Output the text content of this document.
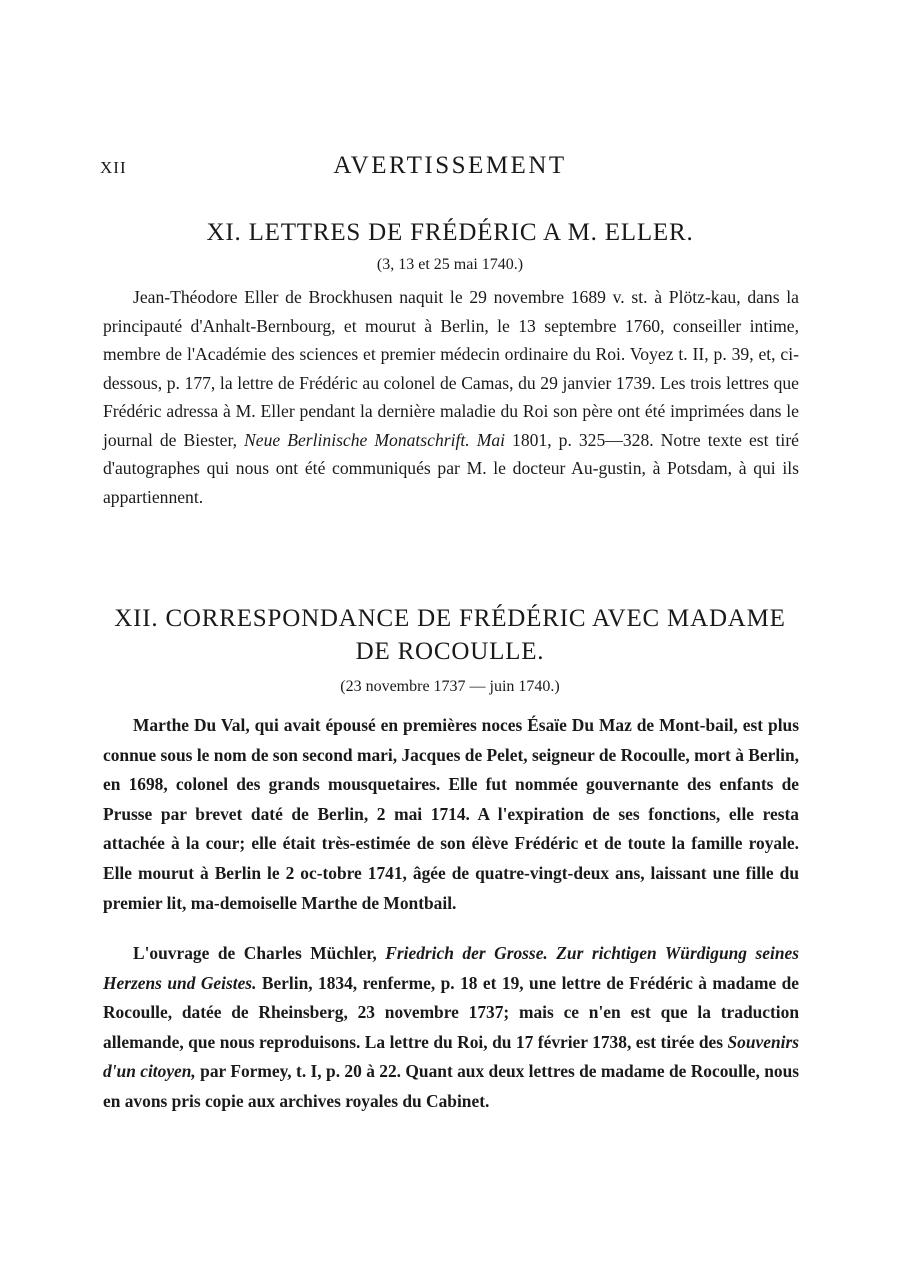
XII	AVERTISSEMENT
XI. LETTRES DE FRÉDÉRIC A M. ELLER.
(3, 13 et 25 mai 1740.)

Jean-Théodore Eller de Brockhusen naquit le 29 novembre 1689 v. st. à Plötz-kau, dans la principauté d'Anhalt-Bernbourg, et mourut à Berlin, le 13 septembre 1760, conseiller intime, membre de l'Académie des sciences et premier médecin ordinaire du Roi. Voyez t. II, p. 39, et, ci-dessous, p. 177, la lettre de Frédéric au colonel de Camas, du 29 janvier 1739. Les trois lettres que Frédéric adressa à M. Eller pendant la dernière maladie du Roi son père ont été imprimées dans le journal de Biester, Neue Berlinische Monatschrift. Mai 1801, p. 325—328. Notre texte est tiré d'autographes qui nous ont été communiqués par M. le docteur Au-gustin, à Potsdam, à qui ils appartiennent.

XII. CORRESPONDANCE DE FRÉDÉRIC AVEC MADAME
DE ROCOULLE.
(23 novembre 1737 — juin 1740.)

Marthe Du Val, qui avait épousé en premières noces Ésaïe Du Maz de Mont-bail, est plus connue sous le nom de son second mari, Jacques de Pelet, seigneur de Rocoulle, mort à Berlin, en 1698, colonel des grands mousquetaires. Elle fut nommée gouvernante des enfants de Prusse par brevet daté de Berlin, 2 mai 1714. A l'expiration de ses fonctions, elle resta attachée à la cour; elle était très-estimée de son élève Frédéric et de toute la famille royale. Elle mourut à Berlin le 2 oc-tobre 1741, âgée de quatre-vingt-deux ans, laissant une fille du premier lit, ma-demoiselle Marthe de Montbail.

L'ouvrage de Charles Müchler, Friedrich der Grosse. Zur richtigen Würdigung seines Herzens und Geistes. Berlin, 1834, renferme, p. 18 et 19, une lettre de Frédéric à madame de Rocoulle, datée de Rheinsberg, 23 novembre 1737; mais ce n'en est que la traduction allemande, que nous reproduisons. La lettre du Roi, du 17 février 1738, est tirée des Souvenirs d'un citoyen, par Formey, t. I, p. 20 à 22. Quant aux deux lettres de madame de Rocoulle, nous en avons pris copie aux archives royales du Cabinet.
